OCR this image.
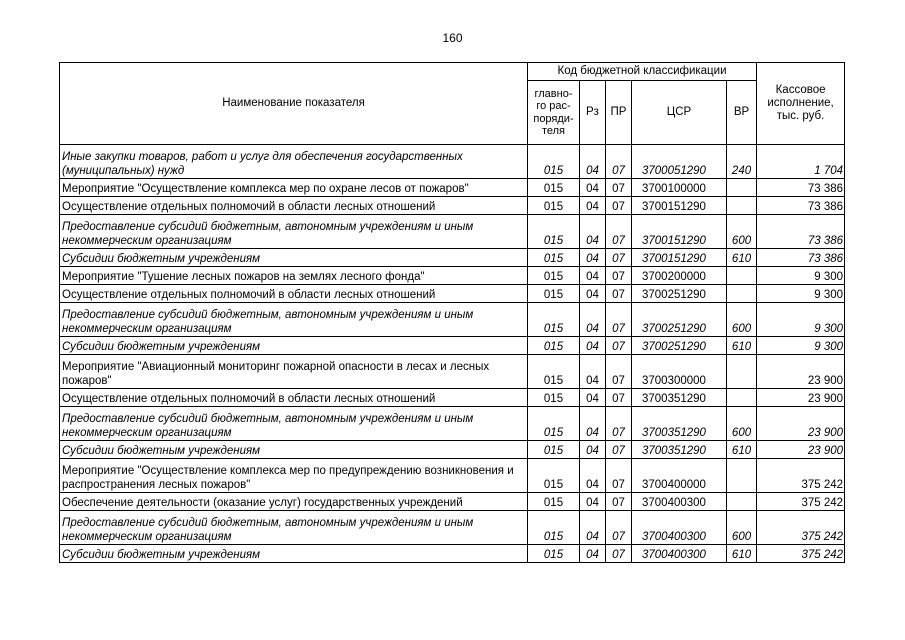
160
Наименование показателя	Код бюджетной классификации					Кассовое исполнение, тыс. руб.
	главно-
го рас-
поряди-
теля	Рз	ПР	ЦСР	ВР	
Иные закупки товаров, работ и услуг для обеспечения государственных (муниципальных) нужд	015	04	07	3700051290	240	1 704
Мероприятие "Осуществление комплекса мер по охране лесов от пожаров"	015	04	07	3700100000		73 386
Осуществление отдельных полномочий в области лесных отношений	015	04	07	3700151290		73 386
Предоставление субсидий бюджетным, автономным учреждениям и иным некоммерческим организациям	015	04	07	3700151290	600	73 386
Субсидии бюджетным учреждениям	015	04	07	3700151290	610	73 386
Мероприятие "Тушение лесных пожаров на землях лесного фонда"	015	04	07	3700200000		9 300
Осуществление отдельных полномочий в области лесных отношений	015	04	07	3700251290		9 300
Предоставление субсидий бюджетным, автономным учреждениям и иным некоммерческим организациям	015	04	07	3700251290	600	9 300
Субсидии бюджетным учреждениям	015	04	07	3700251290	610	9 300
Мероприятие "Авиационный мониторинг пожарной опасности в лесах и лесных пожаров"	015	04	07	3700300000		23 900
Осуществление отдельных полномочий в области лесных отношений	015	04	07	3700351290		23 900
Предоставление субсидий бюджетным, автономным учреждениям и иным некоммерческим организациям	015	04	07	3700351290	600	23 900
Субсидии бюджетным учреждениям	015	04	07	3700351290	610	23 900
Мероприятие "Осуществление комплекса мер по предупреждению возникновения и распространения лесных пожаров"	015	04	07	3700400000		375 242
Обеспечение деятельности (оказание услуг) государственных учреждений	015	04	07	3700400300		375 242
Предоставление субсидий бюджетным, автономным учреждениям и иным некоммерческим организациям	015	04	07	3700400300	600	375 242
Субсидии бюджетным учреждениям	015	04	07	3700400300	610	375 242
